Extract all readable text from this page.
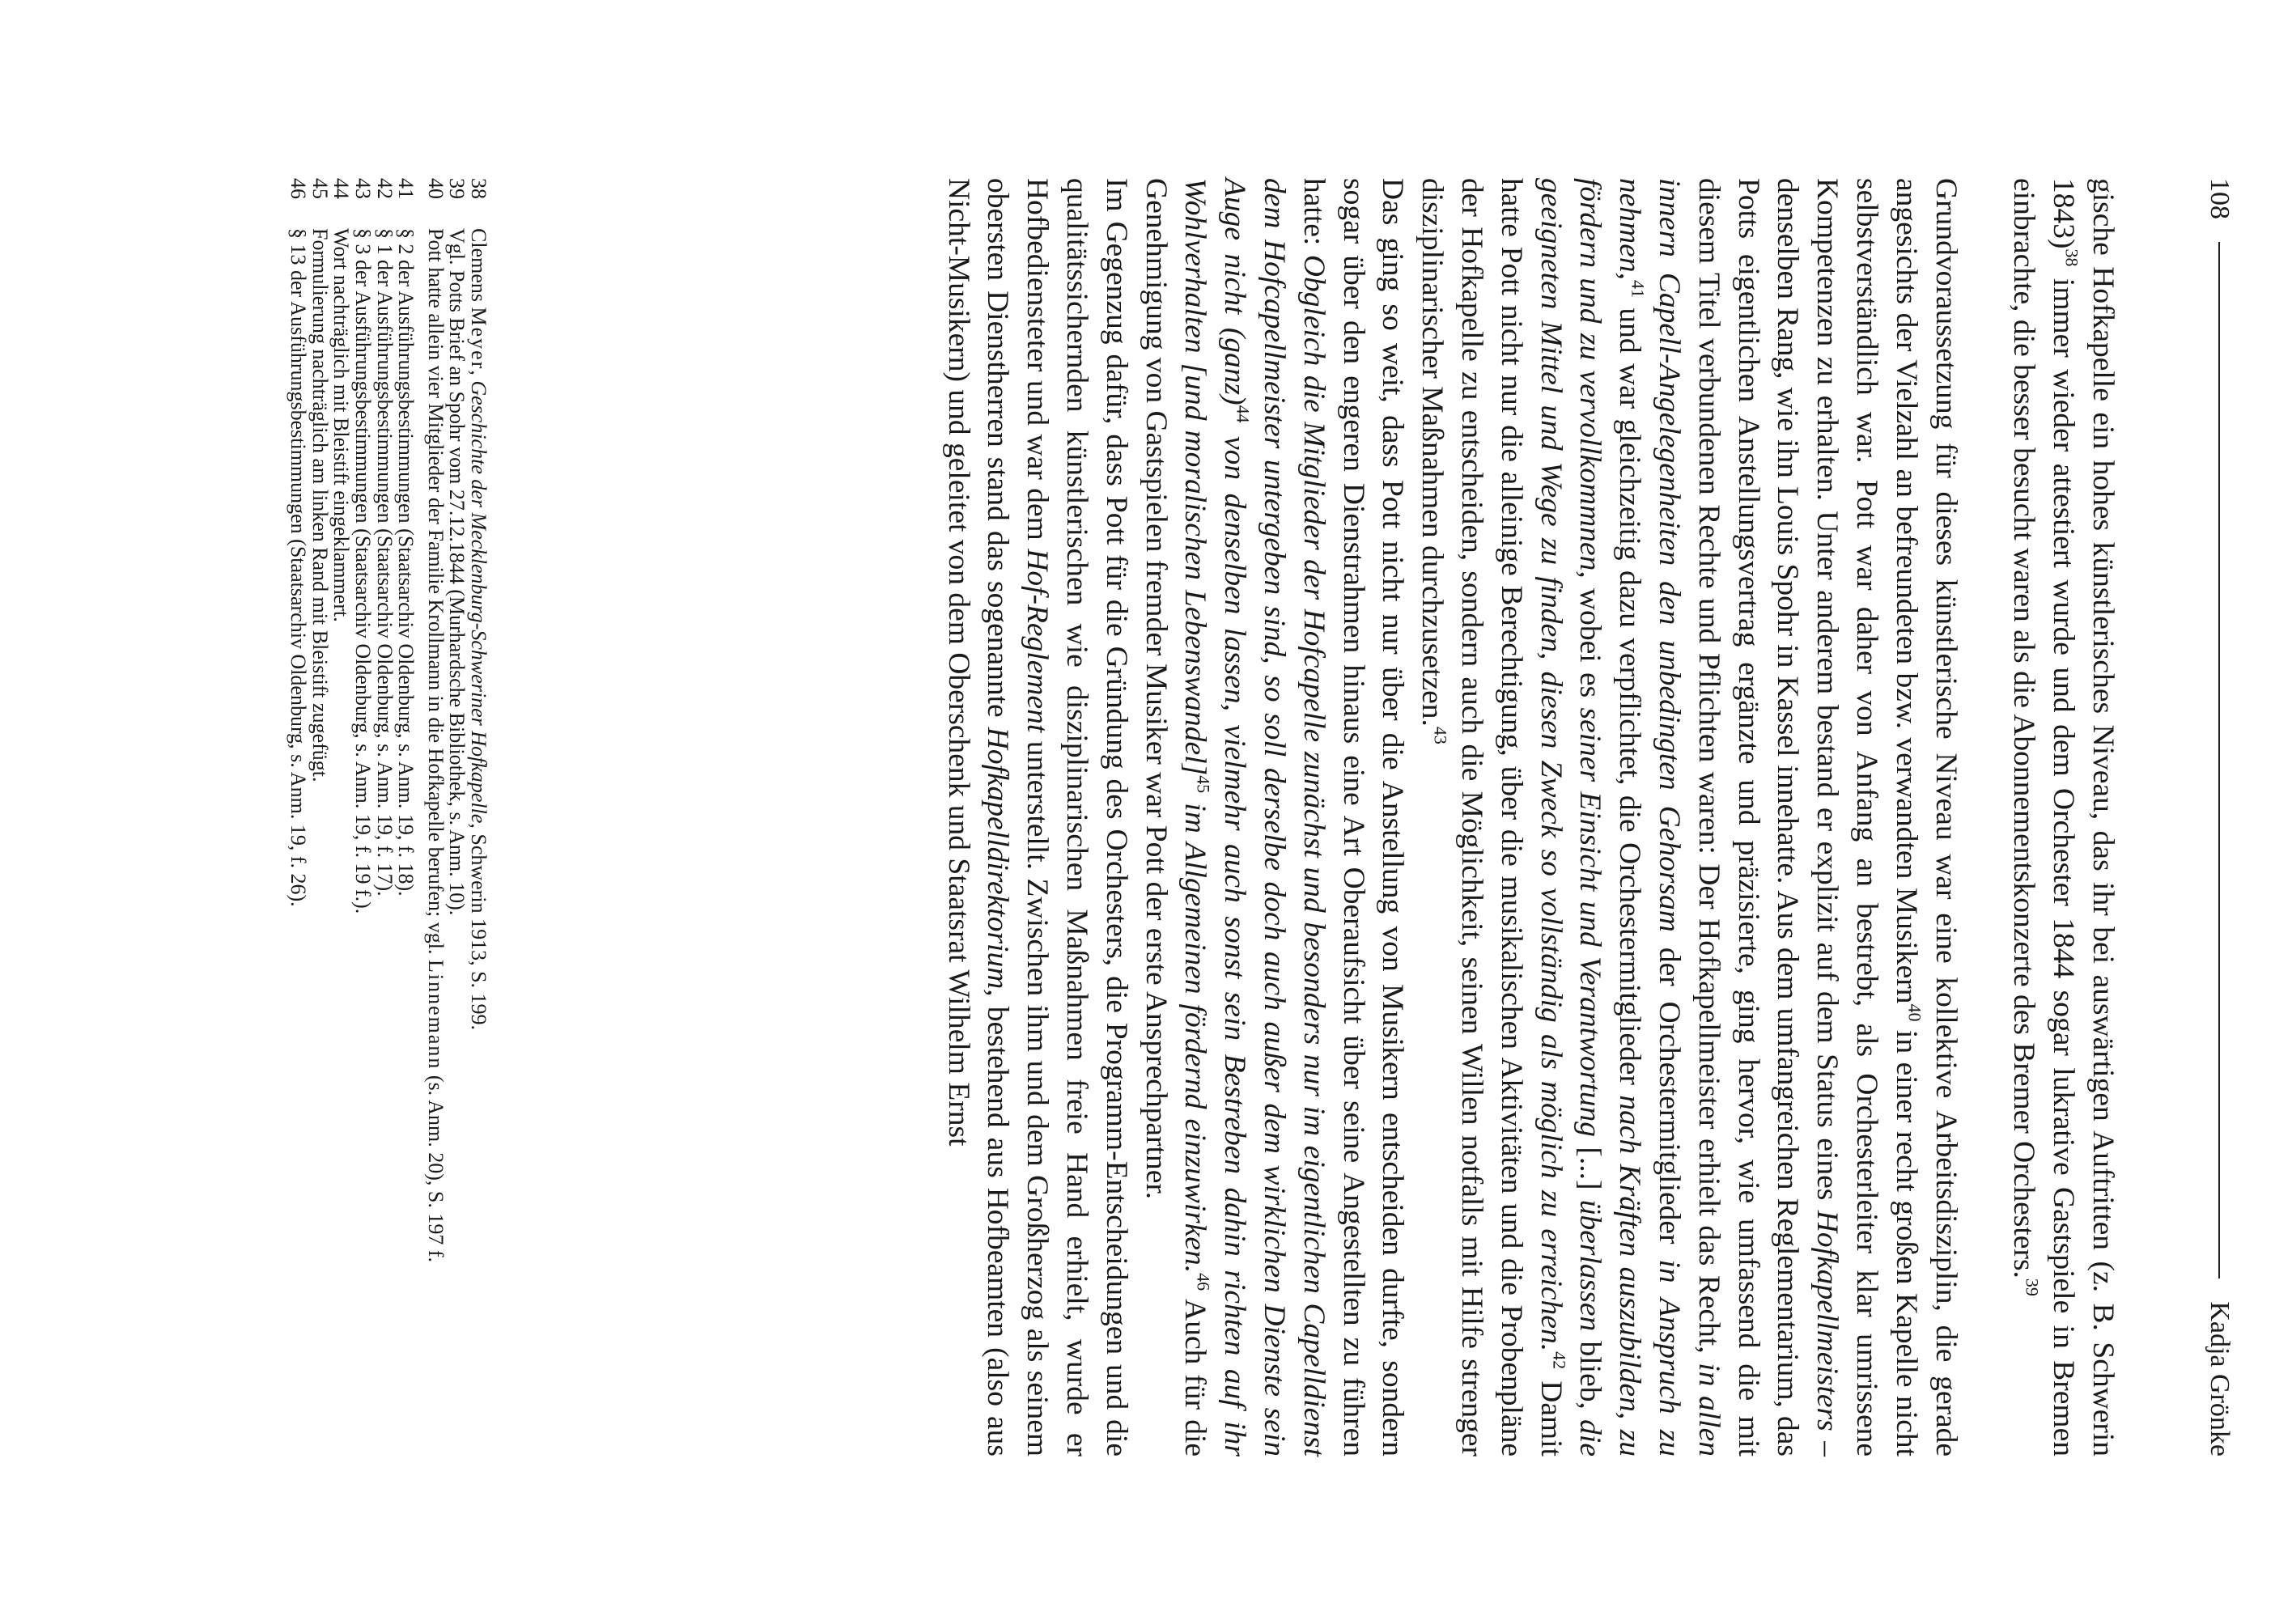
108
Kadja Grönke

gische Hofkapelle ein hohes künstlerisches Niveau, das ihr bei auswärtigen Auftritten (z. B. Schwerin 1843)$^{38}$ immer wieder attestiert wurde und dem Orchester 1844 sogar lukrative Gastspiele in Bremen einbrachte, die besser besucht waren als die Abonnementskonzerte des Bremer Orchesters.$^{39}$

Grundvoraussetzung für dieses künstlerische Niveau war eine kollektive Arbeitsdisziplin, die gerade angesichts der Vielzahl an befreundeten bzw. verwandten Musikern$^{40}$ in einer recht großen Kapelle nicht selbstverständlich war. Pott war daher von Anfang an bestrebt, als Orchesterleiter klar umrissene Kompetenzen zu erhalten. Unter anderem bestand er explizit auf dem Status eines Hofkapellmeisters – denselben Rang, wie ihn Louis Spohr in Kassel innehatte. Aus dem umfangreichen Reglementarium, das Potts eigentlichen Anstellungsvertrag ergänzte und präzisierte, ging hervor, wie umfassend die mit diesem Titel verbundenen Rechte und Pflichten waren: Der Hofkapellmeister erhielt das Recht, in allen innern Capell-Angelegenheiten den unbedingten Gehorsam der Orchestermitglieder in Anspruch zu nehmen,$^{41}$ und war gleichzeitig dazu verpflichtet, die Orchestermitglieder nach Kräften auszubilden, zu fördern und zu vervollkommnen, wobei es seiner Einsicht und Verantwortung [...] überlassen blieb, die geeigneten Mittel und Wege zu finden, diesen Zweck so vollständig als möglich zu erreichen.$^{42}$ Damit hatte Pott nicht nur die alleinige Berechtigung, über die musikalischen Aktivitäten und die Probenpläne der Hofkapelle zu entscheiden, sondern auch die Möglichkeit, seinen Willen notfalls mit Hilfe strenger disziplinarischer Maßnahmen durchzusetzen.$^{43}$

Das ging so weit, dass Pott nicht nur über die Anstellung von Musikern entscheiden durfte, sondern sogar über den engeren Dienstrahmen hinaus eine Art Oberaufsicht über seine Angestellten zu führen hatte: Obgleich die Mitglieder der Hofcapelle zunächst und besonders nur im eigentlichen Capelldienst dem Hofcapellmeister untergeben sind, so soll derselbe doch auch außer dem wirklichen Dienste sein Auge nicht (ganz)$^{44}$ von denselben lassen, vielmehr auch sonst sein Bestreben dahin richten auf ihr Wohlverhalten [und moralischen Lebenswandel]$^{45}$ im Allgemeinen fördernd einzuwirken.$^{46}$ Auch für die Genehmigung von Gastspielen fremder Musiker war Pott der erste Ansprechpartner.

Im Gegenzug dafür, dass Pott für die Gründung des Orchesters, die Programm-Entscheidungen und die qualitätssichernden künstlerischen wie disziplinarischen Maßnahmen freie Hand erhielt, wurde er Hofbediensteter und war dem Hof-Reglement unterstellt. Zwischen ihm und dem Großherzog als seinem obersten Dienstherren stand das sogenannte Hofkapelldirektorium, bestehend aus Hofbeamten (also aus Nicht-Musikern) und geleitet von dem Oberschenk und Staatsrat Wilhelm Ernst

38
Clemens Meyer, Geschichte der Mecklenburg-Schweriner Hofkapelle, Schwerin 1913, S. 199.
39
Vgl. Potts Brief an Spohr vom 27.12.1844 (Murhardsche Bibliothek, s. Anm. 10).
40
Pott hatte allein vier Mitglieder der Familie Krollmann in die Hofkapelle berufen; vgl. Linnemann (s. Anm. 20), S. 197 f.
41
§ 2 der Ausführungsbestimmungen (Staatsarchiv Oldenburg, s. Anm. 19, f. 18).
42
§ 1 der Ausführungsbestimmungen (Staatsarchiv Oldenburg, s. Anm. 19, f. 17).
43
§ 3 der Ausführungsbestimmungen (Staatsarchiv Oldenburg, s. Anm. 19, f. 19 f.).
44
Wort nachträglich mit Bleistift eingeklammert.
45
Formulierung nachträglich am linken Rand mit Bleistift zugefügt.
46
§ 13 der Ausführungsbestimmungen (Staatsarchiv Oldenburg, s. Anm. 19, f. 26).
